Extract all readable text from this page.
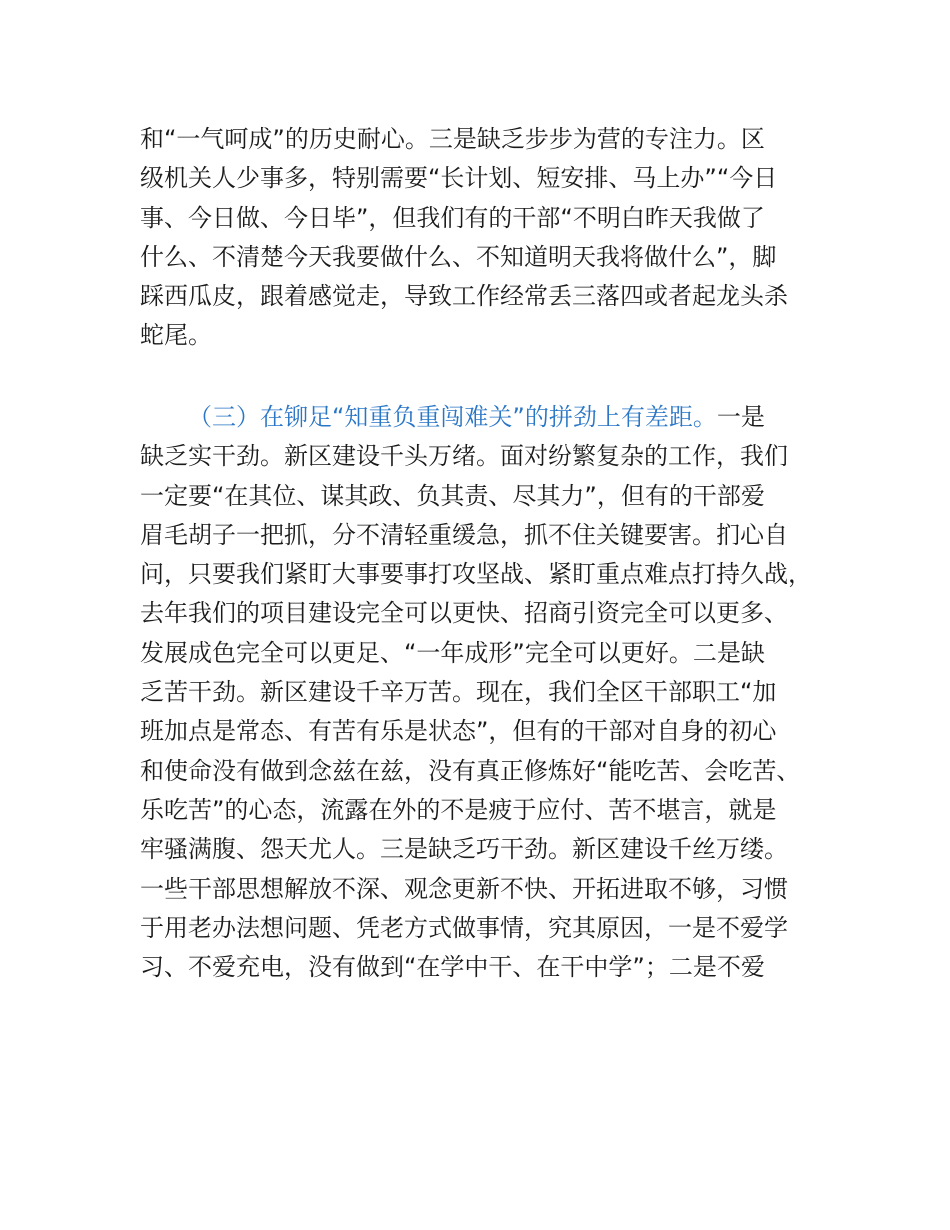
和“一气呵成”的历史耐心。三是缺乏步步为营的专注力。区
级机关人少事多，特别需要“长计划、短安排、马上办”“今日
事、今日做、今日毕”，但我们有的干部“不明白昨天我做了
什么、不清楚今天我要做什么、不知道明天我将做什么”，脚
踩西瓜皮，跟着感觉走，导致工作经常丢三落四或者起龙头杀
蛇尾。
（三）在铆足“知重负重闯难关”的拼劲上有差距。一是
缺乏实干劲。新区建设千头万绪。面对纷繁复杂的工作，我们
一定要“在其位、谋其政、负其责、尽其力”，但有的干部爱
眉毛胡子一把抓，分不清轻重缓急，抓不住关键要害。扪心自
问，只要我们紧盯大事要事打攻坚战、紧盯重点难点打持久战，
去年我们的项目建设完全可以更快、招商引资完全可以更多、
发展成色完全可以更足、“一年成形”完全可以更好。二是缺
乏苦干劲。新区建设千辛万苦。现在，我们全区干部职工“加
班加点是常态、有苦有乐是状态”，但有的干部对自身的初心
和使命没有做到念兹在兹，没有真正修炼好“能吃苦、会吃苦、
乐吃苦”的心态，流露在外的不是疲于应付、苦不堪言，就是
牢骚满腹、怨天尤人。三是缺乏巧干劲。新区建设千丝万缕。
一些干部思想解放不深、观念更新不快、开拓进取不够，习惯
于用老办法想问题、凭老方式做事情，究其原因，一是不爱学
习、不爱充电，没有做到“在学中干、在干中学”；二是不爱
